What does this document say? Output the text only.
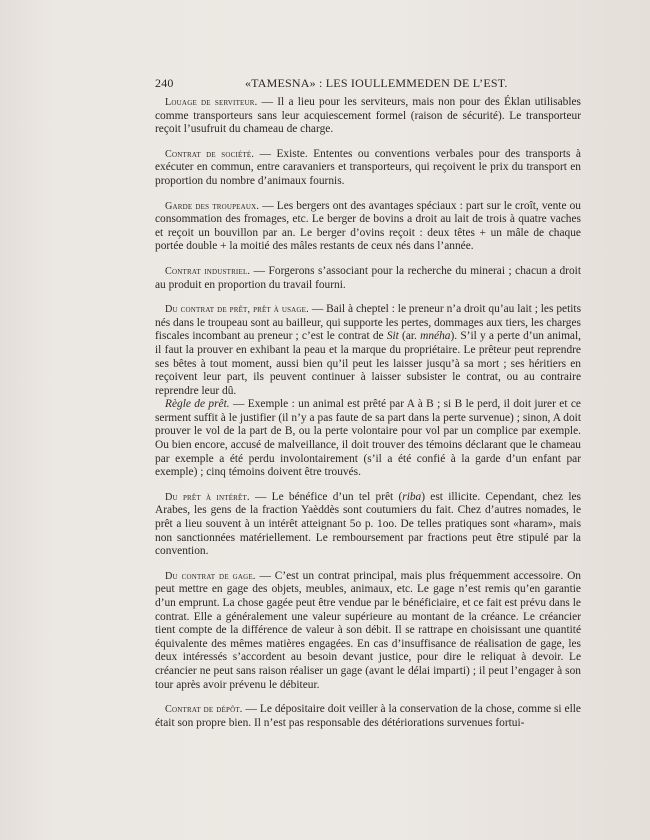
240	«TAMESNA» : LES IOULLEMMEDEN DE L’EST.

Louage de serviteur. — Il a lieu pour les serviteurs, mais non pour des Éklan utilisables comme transporteurs sans leur acquiescement formel (raison de sécurité). Le transporteur reçoit l’usufruit du chameau de charge.

Contrat de société. — Existe. Ententes ou conventions verbales pour des transports à exécuter en commun, entre caravaniers et transporteurs, qui reçoivent le prix du transport en proportion du nombre d’animaux fournis.

Garde des troupeaux. — Les bergers ont des avantages spéciaux : part sur le croît, vente ou consommation des fromages, etc. Le berger de bovins a droit au lait de trois à quatre vaches et reçoit un bouvillon par an. Le berger d’ovins reçoit : deux têtes + un mâle de chaque portée double + la moitié des mâles restants de ceux nés dans l’année.

Contrat industriel. — Forgerons s’associant pour la recherche du minerai ; chacun a droit au produit en proportion du travail fourni.

Du contrat de prêt, prêt à usage. — Bail à cheptel : le preneur n’a droit qu’au lait ; les petits nés dans le troupeau sont au bailleur, qui supporte les pertes, dommages aux tiers, les charges fiscales incombant au preneur ; c’est le contrat de Sit (ar. mnéha). S’il y a perte d’un animal, il faut la prouver en exhibant la peau et la marque du propriétaire. Le prêteur peut reprendre ses bêtes à tout moment, aussi bien qu’il peut les laisser jusqu’à sa mort ; ses héritiers en reçoivent leur part, ils peuvent continuer à laisser subsister le contrat, ou au contraire reprendre leur dû.

Règle de prêt. — Exemple : un animal est prêté par A à B ; si B le perd, il doit jurer et ce serment suffit à le justifier (il n’y a pas faute de sa part dans la perte survenue) ; sinon, A doit prouver le vol de la part de B, ou la perte volontaire pour vol par un complice par exemple. Ou bien encore, accusé de malveillance, il doit trouver des témoins déclarant que le chameau par exemple a été perdu involontairement (s’il a été confié à la garde d’un enfant par exemple) ; cinq témoins doivent être trouvés.

Du prêt à intérêt. — Le bénéfice d’un tel prêt (riba) est illicite. Cependant, chez les Arabes, les gens de la fraction Yaèddès sont coutumiers du fait. Chez d’autres nomades, le prêt a lieu souvent à un intérêt atteignant 5o p. 1oo. De telles pratiques sont «haram», mais non sanctionnées matériellement. Le remboursement par fractions peut être stipulé par la convention.

Du contrat de gage. — C’est un contrat principal, mais plus fréquemment accessoire. On peut mettre en gage des objets, meubles, animaux, etc. Le gage n’est remis qu’en garantie d’un emprunt. La chose gagée peut être vendue par le bénéficiaire, et ce fait est prévu dans le contrat. Elle a généralement une valeur supérieure au montant de la créance. Le créancier tient compte de la différence de valeur à son débit. Il se rattrape en choisissant une quantité équivalente des mêmes matières engagées. En cas d’insuffisance de réalisation de gage, les deux intéressés s’accordent au besoin devant justice, pour dire le reliquat à devoir. Le créancier ne peut sans raison réaliser un gage (avant le délai imparti) ; il peut l’engager à son tour après avoir prévenu le débiteur.

Contrat de dépôt. — Le dépositaire doit veiller à la conservation de la chose, comme si elle était son propre bien. Il n’est pas responsable des détériorations survenues fortui-
